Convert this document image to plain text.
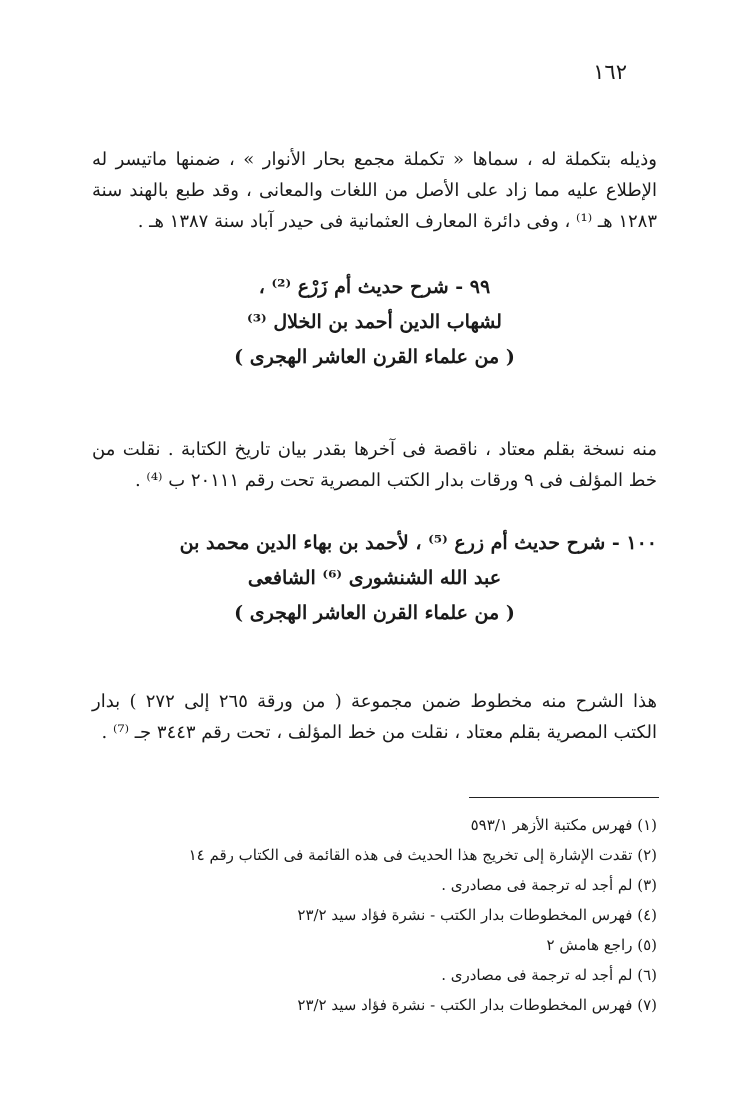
١٦٢

وذيله بتكملة له ، سماها « تكملة مجمع بحار الأنوار » ، ضمنها ماتيسر له الإطلاع عليه مما زاد على الأصل من اللغات والمعانى ، وقد طبع بالهند سنة ١٢٨٣ هـ ⁽¹⁾ ، وفى دائرة المعارف العثمانية فى حيدر آباد سنة ١٣٨٧ هـ .

٩٩ - شرح حديث أم زَرْع ⁽²⁾ ،
لشهاب الدين أحمد بن الخلال ⁽³⁾
( من علماء القرن العاشر الهجرى )

منه نسخة بقلم معتاد ، ناقصة فى آخرها بقدر بيان تاريخ الكتابة . نقلت من خط المؤلف فى ٩ ورقات بدار الكتب المصرية تحت رقم ٢٠١١١ ب ⁽⁴⁾ .

١٠٠ - شرح حديث أم زرع ⁽⁵⁾ ، لأحمد بن بهاء الدين محمد بن
عبد الله الشنشورى ⁽⁶⁾ الشافعى
( من علماء القرن العاشر الهجرى )

هذا الشرح منه مخطوط ضمن مجموعة ( من ورقة ٢٦٥ إلى ٢٧٢ ) بدار الكتب المصرية بقلم معتاد ، نقلت من خط المؤلف ، تحت رقم ٣٤٤٣ جـ ⁽⁷⁾ .

(١) فهرس مكتبة الأزهر ٥٩٣/١
(٢) تقدت الإشارة إلى تخريج هذا الحديث فى هذه القائمة فى الكتاب رقم ١٤
(٣) لم أجد له ترجمة فى مصادرى .
(٤) فهرس المخطوطات بدار الكتب - نشرة فؤاد سيد ٢٣/٢
(٥) راجع هامش ٢
(٦) لم أجد له ترجمة فى مصادرى .
(٧) فهرس المخطوطات بدار الكتب - نشرة فؤاد سيد ٢٣/٢
